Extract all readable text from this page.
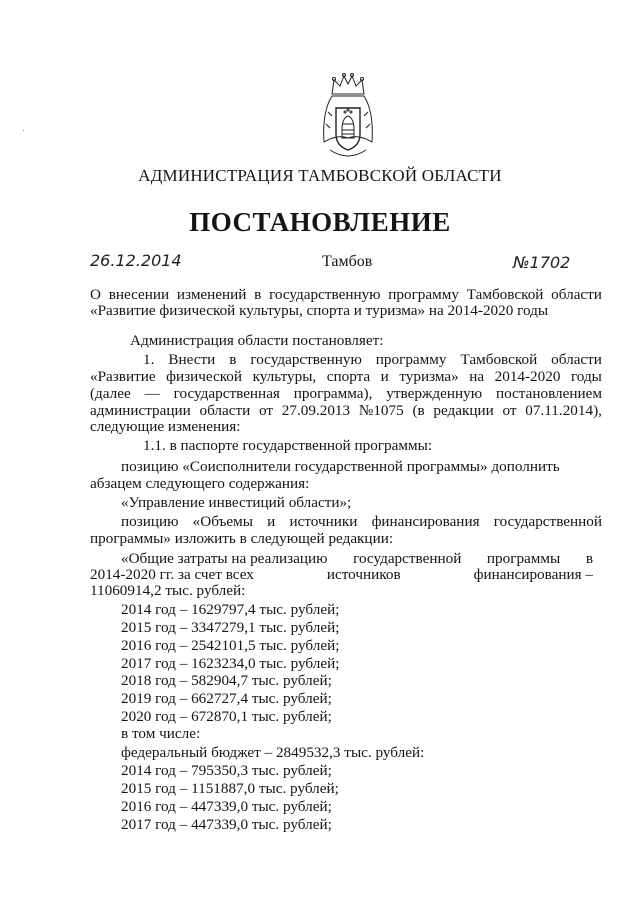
АДМИНИСТРАЦИЯ ТАМБОВСКОЙ ОБЛАСТИ
ПОСТАНОВЛЕНИЕ
26.12.2014	Тамбов	№1702
О внесении изменений в государственную программу Тамбовской области
«Развитие физической культуры, спорта и туризма» на 2014-2020 годы
Администрация области постановляет:
1. Внести в государственную программу Тамбовской области
«Развитие физической культуры, спорта и туризма» на 2014-2020 годы
(далее — государственная программа), утвержденную постановлением
администрации области от 27.09.2013 №1075 (в редакции от 07.11.2014),
следующие изменения:
1.1. в паспорте государственной программы:
позицию «Соисполнители государственной программы» дополнить
абзацем следующего содержания:
«Управление инвестиций области»;
позицию «Объемы и источники финансирования государственной
программы» изложить в следующей редакции:
«Общие затраты на реализацию государственной программы в
2014-2020 гг. за счет всех	источников	финансирования –
11060914,2 тыс. рублей:
2014 год – 1629797,4 тыс. рублей;
2015 год – 3347279,1 тыс. рублей;
2016 год – 2542101,5 тыс. рублей;
2017 год – 1623234,0 тыс. рублей;
2018 год – 582904,7 тыс. рублей;
2019 год – 662727,4 тыс. рублей;
2020 год – 672870,1 тыс. рублей;
в том числе:
федеральный бюджет – 2849532,3 тыс. рублей:
2014 год – 795350,3 тыс. рублей;
2015 год – 1151887,0 тыс. рублей;
2016 год – 447339,0 тыс. рублей;
2017 год – 447339,0 тыс. рублей;
